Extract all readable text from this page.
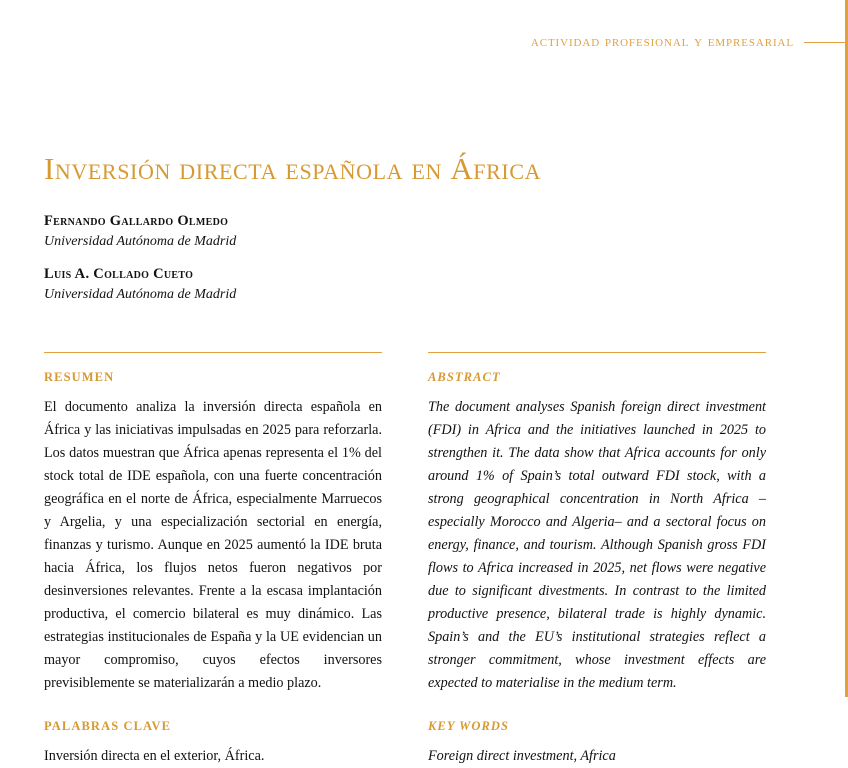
actividad profesional y empresarial
Inversión directa española en África
Fernando Gallardo Olmedo
Universidad Autónoma de Madrid
Luis A. Collado Cueto
Universidad Autónoma de Madrid
RESUMEN
El documento analiza la inversión directa española en África y las iniciativas impulsadas en 2025 para reforzarla. Los datos muestran que África apenas representa el 1% del stock total de IDE española, con una fuerte concentración geográfica en el norte de África, especialmente Marruecos y Argelia, y una especialización sectorial en energía, finanzas y turismo. Aunque en 2025 aumentó la IDE bruta hacia África, los flujos netos fueron negativos por desinversiones relevantes. Frente a la escasa implantación productiva, el comercio bilateral es muy dinámico. Las estrategias institucionales de España y la UE evidencian un mayor compromiso, cuyos efectos inversores previsiblemente se materializarán a medio plazo.
PALABRAS CLAVE
Inversión directa en el exterior, África.
ABSTRACT
The document analyses Spanish foreign direct investment (FDI) in Africa and the initiatives launched in 2025 to strengthen it. The data show that Africa accounts for only around 1% of Spain’s total outward FDI stock, with a strong geographical concentration in North Africa –especially Morocco and Algeria– and a sectoral focus on energy, finance, and tourism. Although Spanish gross FDI flows to Africa increased in 2025, net flows were negative due to significant divestments. In contrast to the limited productive presence, bilateral trade is highly dynamic. Spain’s and the EU’s institutional strategies reflect a stronger commitment, whose investment effects are expected to materialise in the medium term.
KEY WORDS
Foreign direct investment, Africa
